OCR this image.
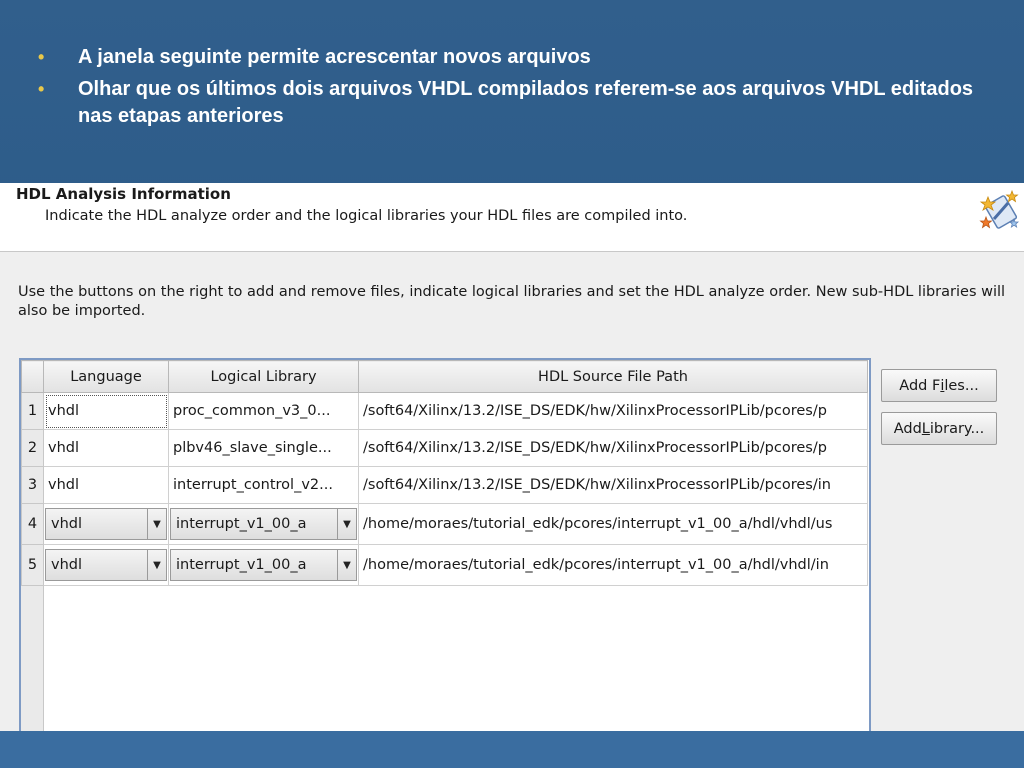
• A janela seguinte permite acrescentar novos arquivos
• Olhar que os últimos dois arquivos VHDL compilados referem-se aos arquivos VHDL editados nas etapas anteriores
HDL Analysis Information
Indicate the HDL analyze order and the logical libraries your HDL files are compiled into.
Use the buttons on the right to add and remove files, indicate logical libraries and set the HDL analyze order. New sub-HDL libraries will also be imported.
	Language	Logical Library	HDL Source File Path
1	vhdl	proc_common_v3_0...	/soft64/Xilinx/13.2/ISE_DS/EDK/hw/XilinxProcessorIPLib/pcores/p
2	vhdl	plbv46_slave_single...	/soft64/Xilinx/13.2/ISE_DS/EDK/hw/XilinxProcessorIPLib/pcores/p
3	vhdl	interrupt_control_v2...	/soft64/Xilinx/13.2/ISE_DS/EDK/hw/XilinxProcessorIPLib/pcores/in
4	vhdl ▼	interrupt_v1_00_a ▼	/home/moraes/tutorial_edk/pcores/interrupt_v1_00_a/hdl/vhdl/us
5	vhdl ▼	interrupt_v1_00_a ▼	/home/moraes/tutorial_edk/pcores/interrupt_v1_00_a/hdl/vhdl/in
Add F i les...
Add L ibrary...
